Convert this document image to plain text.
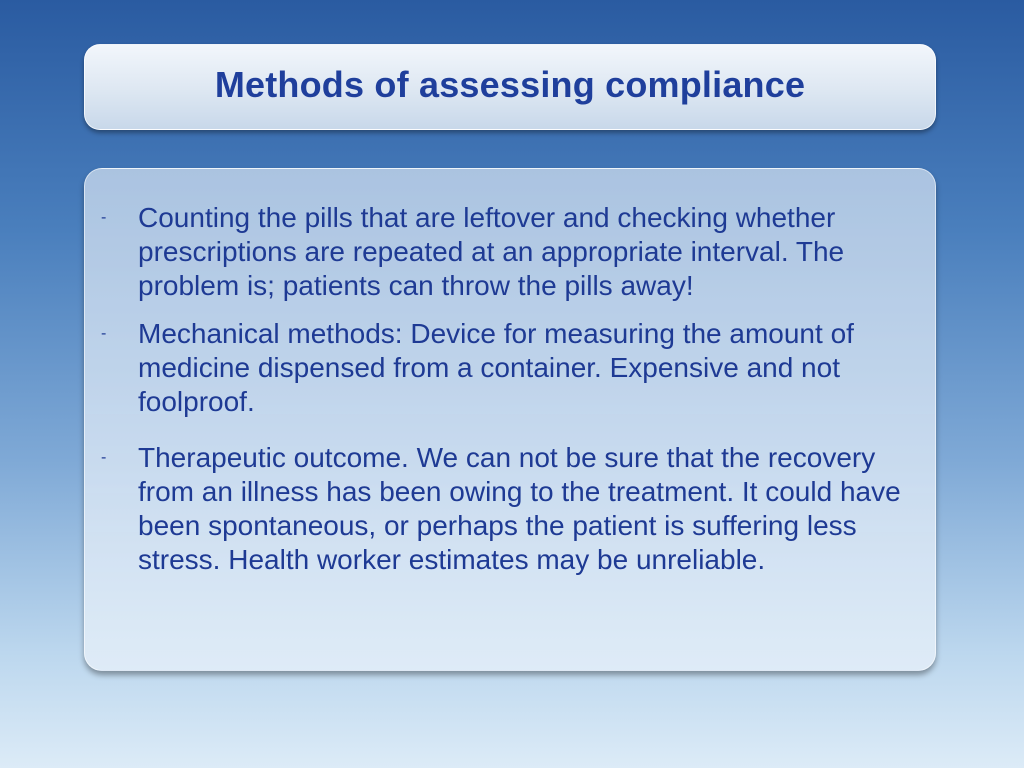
Methods of assessing compliance
- Counting the pills that are leftover and checking whether prescriptions are repeated at an appropriate interval. The problem is; patients can throw the pills away!
- Mechanical methods: Device for measuring the amount of medicine dispensed from a container. Expensive and not foolproof.
- Therapeutic outcome. We can not be sure that the recovery from an illness has been owing to the treatment. It could have been spontaneous, or perhaps the patient is suffering less stress. Health worker estimates may be unreliable.
